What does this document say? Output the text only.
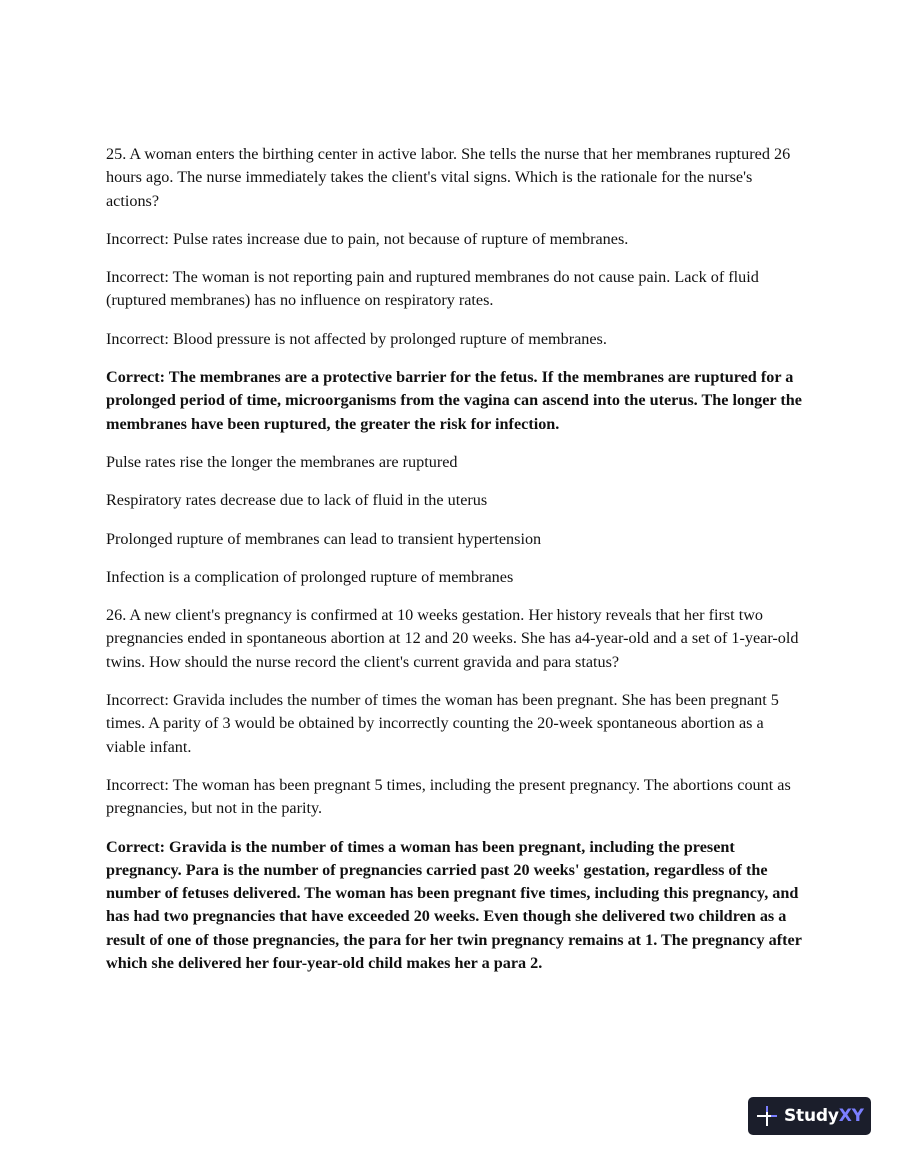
25. A woman enters the birthing center in active labor. She tells the nurse that her membranes ruptured 26 hours ago. The nurse immediately takes the client's vital signs. Which is the rationale for the nurse's actions?

Incorrect: Pulse rates increase due to pain, not because of rupture of membranes.

Incorrect: The woman is not reporting pain and ruptured membranes do not cause pain. Lack of fluid (ruptured membranes) has no influence on respiratory rates.

Incorrect: Blood pressure is not affected by prolonged rupture of membranes.

Correct: The membranes are a protective barrier for the fetus. If the membranes are ruptured for a prolonged period of time, microorganisms from the vagina can ascend into the uterus. The longer the membranes have been ruptured, the greater the risk for infection.

Pulse rates rise the longer the membranes are ruptured

Respiratory rates decrease due to lack of fluid in the uterus

Prolonged rupture of membranes can lead to transient hypertension

Infection is a complication of prolonged rupture of membranes

26. A new client's pregnancy is confirmed at 10 weeks gestation. Her history reveals that her first two pregnancies ended in spontaneous abortion at 12 and 20 weeks. She has a4-year-old and a set of 1-year-old twins. How should the nurse record the client's current gravida and para status?

Incorrect: Gravida includes the number of times the woman has been pregnant. She has been pregnant 5 times. A parity of 3 would be obtained by incorrectly counting the 20-week spontaneous abortion as a viable infant.

Incorrect: The woman has been pregnant 5 times, including the present pregnancy. The abortions count as pregnancies, but not in the parity.

Correct: Gravida is the number of times a woman has been pregnant, including the present pregnancy. Para is the number of pregnancies carried past 20 weeks' gestation, regardless of the number of fetuses delivered. The woman has been pregnant five times, including this pregnancy, and has had two pregnancies that have exceeded 20 weeks. Even though she delivered two children as a result of one of those pregnancies, the para for her twin pregnancy remains at 1. The pregnancy after which she delivered her four-year-old child makes her a para 2.

Study XY
